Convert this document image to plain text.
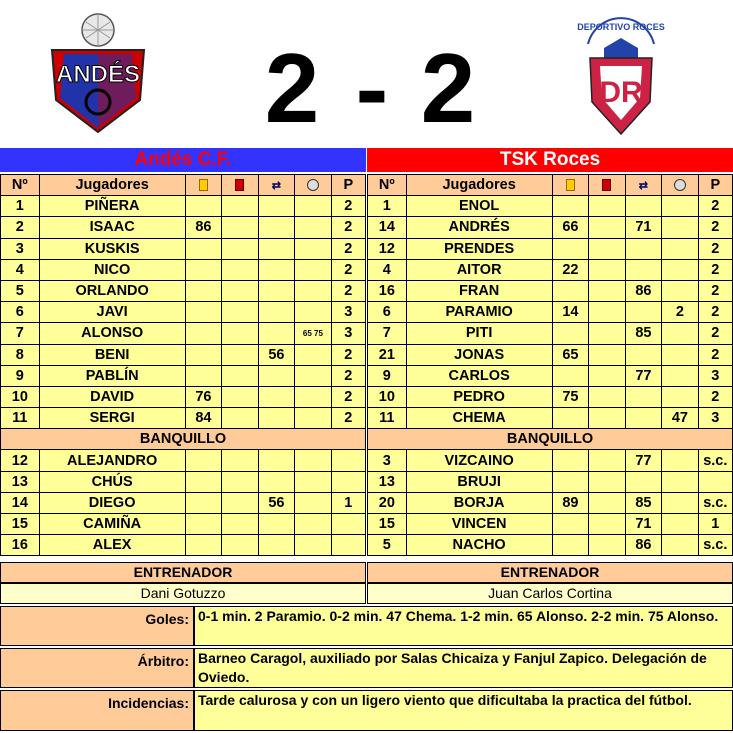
ANDÉS
DEPORTIVO ROCES
DR
2 - 2
Andés C.F.	TSK Roces
Nº	Jugadores			⇄		P
1	PIÑERA					2
2	ISAAC	86				2
3	KUSKIS					2
4	NICO					2
5	ORLANDO					2
6	JAVI					3
7	ALONSO				65 75	3
8	BENI			56		2
9	PABLÍN					2
10	DAVID	76				2
11	SERGI	84				2
BANQUILLO						
12	ALEJANDRO					
13	CHÚS					
14	DIEGO			56		1
15	CAMIÑA					
16	ALEX					
Nº	Jugadores			⇄		P
1	ENOL					2
14	ANDRÉS	66		71		2
12	PRENDES					2
4	AITOR	22				2
16	FRAN			86		2
6	PARAMIO	14			2	2
7	PITI			85		2
21	JONAS	65				2
9	CARLOS			77		3
10	PEDRO	75				2
11	CHEMA				47	3
BANQUILLO						
3	VIZCAINO			77		s.c.
13	BRUJI					
20	BORJA	89		85		s.c.
15	VINCEN			71		1
5	NACHO			86		s.c.
ENTRENADOR	ENTRENADOR
Dani Gotuzzo	Juan Carlos Cortina
Goles: 0-1 min. 2 Paramio. 0-2 min. 47 Chema. 1-2 min. 65 Alonso. 2-2 min. 75 Alonso.
Árbitro: Barneo Caragol, auxiliado por Salas Chicaiza y Fanjul Zapico. Delegación de Oviedo.
Incidencias: Tarde calurosa y con un ligero viento que dificultaba la practica del fútbol.
